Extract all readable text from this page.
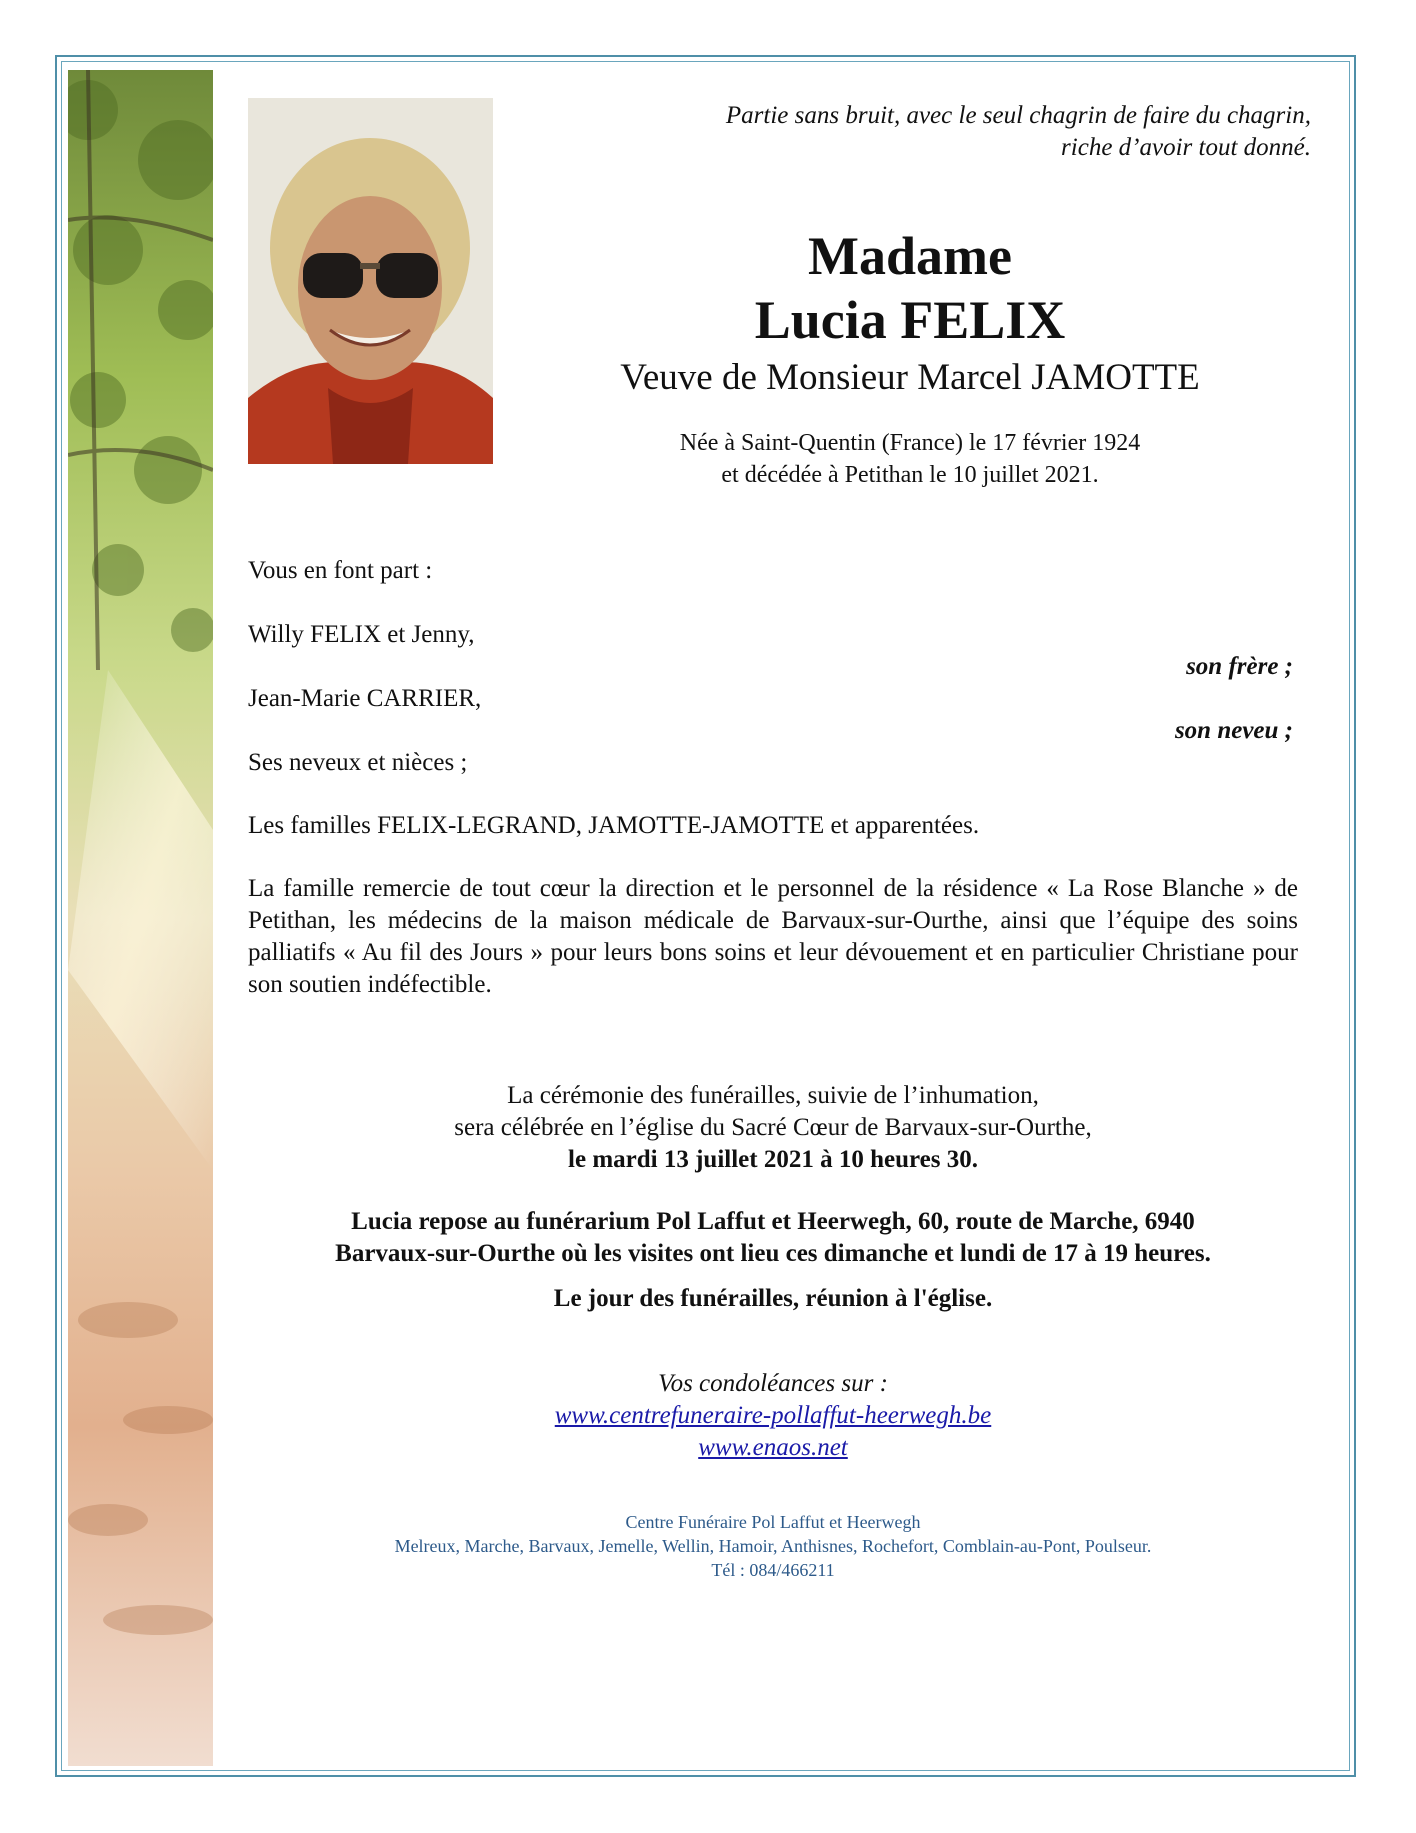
Partie sans bruit, avec le seul chagrin de faire du chagrin,
riche d’avoir tout donné.
Madame
Lucia FELIX
Veuve de Monsieur Marcel JAMOTTE
Née à Saint-Quentin (France) le 17 février 1924
et décédée à Petithan le 10 juillet 2021.
Vous en font part :
Willy FELIX et Jenny,
son frère ;
Jean-Marie CARRIER,
son neveu ;
Ses neveux et nièces ;
Les familles FELIX-LEGRAND, JAMOTTE-JAMOTTE et apparentées.
La famille remercie de tout cœur la direction et le personnel de la résidence « La Rose Blanche » de Petithan, les médecins de la maison médicale de Barvaux-sur-Ourthe, ainsi que l’équipe des soins palliatifs « Au fil des Jours » pour leurs bons soins et leur dévouement et en particulier Christiane pour son soutien indéfectible.
La cérémonie des funérailles, suivie de l’inhumation,
sera célébrée en l’église du Sacré Cœur de Barvaux-sur-Ourthe,
le mardi 13 juillet 2021 à 10 heures 30.
Lucia repose au funérarium Pol Laffut et Heerwegh, 60, route de Marche, 6940
Barvaux-sur-Ourthe où les visites ont lieu ces dimanche et lundi de 17 à 19 heures.
Le jour des funérailles, réunion à l'église.
Vos condoléances sur :
www.centrefuneraire-pollaffut-heerwegh.be
www.enaos.net
Centre Funéraire Pol Laffut et Heerwegh
Melreux, Marche, Barvaux, Jemelle, Wellin, Hamoir, Anthisnes, Rochefort, Comblain-au-Pont, Poulseur.
Tél : 084/466211
